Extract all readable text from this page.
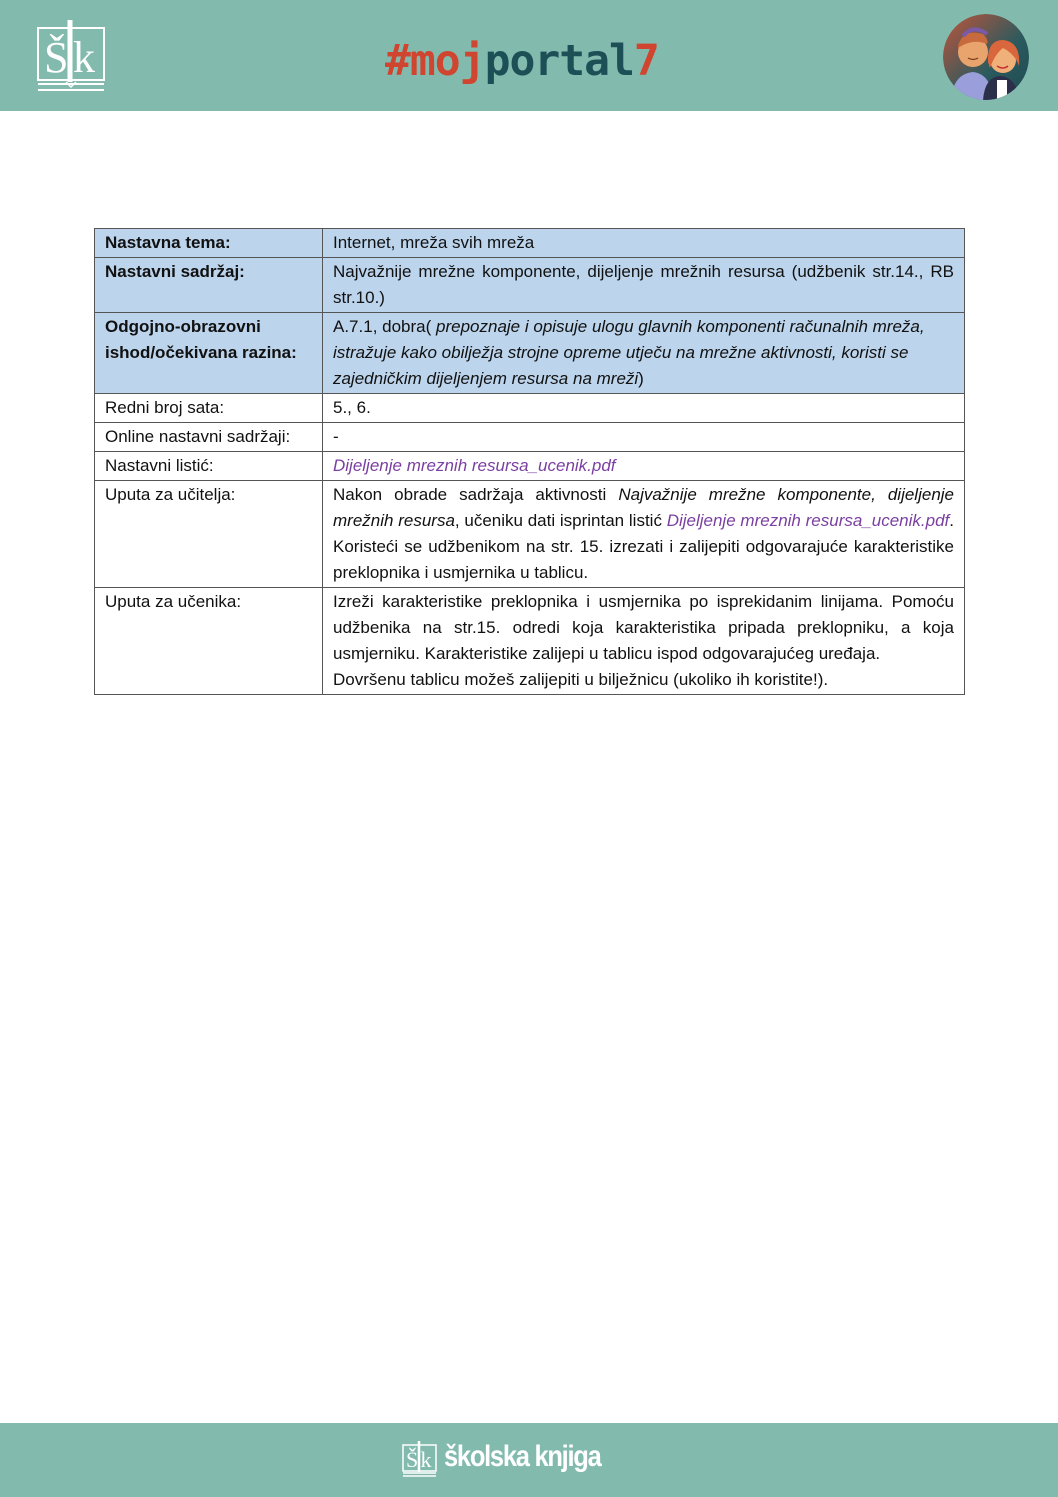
Š k	#mojportal7
Nastavna tema:	Internet, mreža svih mreža
Nastavni sadržaj:	Najvažnije mrežne komponente, dijeljenje mrežnih resursa (udžbenik str.14., RB str.10.)
Odgojno-obrazovni ishod/očekivana razina:	A.7.1, dobra( prepoznaje i opisuje ulogu glavnih komponenti računalnih mreža, istražuje kako obilježja strojne opreme utječu na mrežne aktivnosti, koristi se zajedničkim dijeljenjem resursa na mreži)
Redni broj sata:	5., 6.
Online nastavni sadržaji:	-
Nastavni listić:	Dijeljenje mreznih resursa_ucenik.pdf
Uputa za učitelja:	Nakon obrade sadržaja aktivnosti Najvažnije mrežne komponente, dijeljenje mrežnih resursa, učeniku dati isprintan listić Dijeljenje mreznih resursa_ucenik.pdf. Koristeći se udžbenikom na str. 15. izrezati i zalijepiti odgovarajuće karakteristike preklopnika i usmjernika u tablicu.
Uputa za učenika:	Izreži karakteristike preklopnika i usmjernika po isprekidanim linijama. Pomoću udžbenika na str.15. odredi koja karakteristika pripada preklopniku, a koja usmjerniku. Karakteristike zalijepi u tablicu ispod odgovarajućeg uređaja.
Dovršenu tablicu možeš zalijepiti u bilježnicu (ukoliko ih koristite!).
Š k školska knjiga
